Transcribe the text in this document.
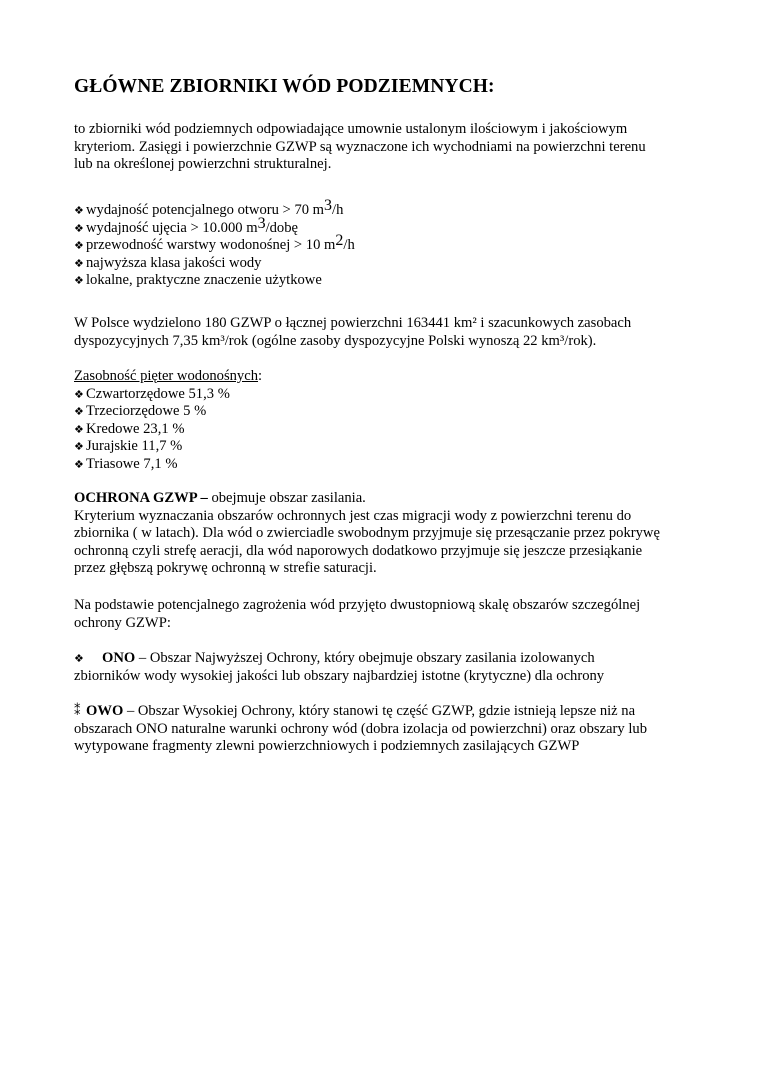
GŁÓWNE ZBIORNIKI WÓD PODZIEMNYCH:
to zbiorniki wód podziemnych odpowiadające umownie ustalonym ilościowym i jakościowym
kryteriom. Zasięgi i powierzchnie GZWP są wyznaczone ich wychodniami na powierzchni terenu
lub na określonej powierzchni strukturalnej.
❖ wydajność potencjalnego otworu > 70 m3/h
❖ wydajność ujęcia > 10.000 m3/dobę
❖ przewodność warstwy wodonośnej > 10 m2/h
❖ najwyższa klasa jakości wody
❖ lokalne, praktyczne znaczenie użytkowe
W Polsce wydzielono 180 GZWP o łącznej powierzchni 163441 km² i szacunkowych zasobach
dyspozycyjnych 7,35 km³/rok (ogólne zasoby dyspozycyjne Polski wynoszą 22 km³/rok).
Zasobność pięter wodonośnych:
❖ Czwartorzędowe 51,3 %
❖ Trzeciorzędowe 5 %
❖ Kredowe 23,1 %
❖ Jurajskie 11,7 %
❖ Triasowe 7,1 %
OCHRONA GZWP – obejmuje obszar zasilania.
Kryterium wyznaczania obszarów ochronnych jest czas migracji wody z powierzchni terenu do
zbiornika ( w latach). Dla wód o zwierciadle swobodnym przyjmuje się przesączanie przez pokrywę
ochronną czyli strefę aeracji, dla wód naporowych dodatkowo przyjmuje się jeszcze przesiąkanie
przez głębszą pokrywę ochronną w strefie saturacji.
Na podstawie potencjalnego zagrożenia wód przyjęto dwustopniową skalę obszarów szczególnej
ochrony GZWP:
❖ ONO – Obszar Najwyższej Ochrony, który obejmuje obszary zasilania izolowanych
zbiorników wody wysokiej jakości lub obszary najbardziej istotne (krytyczne) dla ochrony
⁑ OWO – Obszar Wysokiej Ochrony, który stanowi tę część GZWP, gdzie istnieją lepsze niż na
obszarach ONO naturalne warunki ochrony wód (dobra izolacja od powierzchni) oraz obszary lub
wytypowane fragmenty zlewni powierzchniowych i podziemnych zasilających GZWP
